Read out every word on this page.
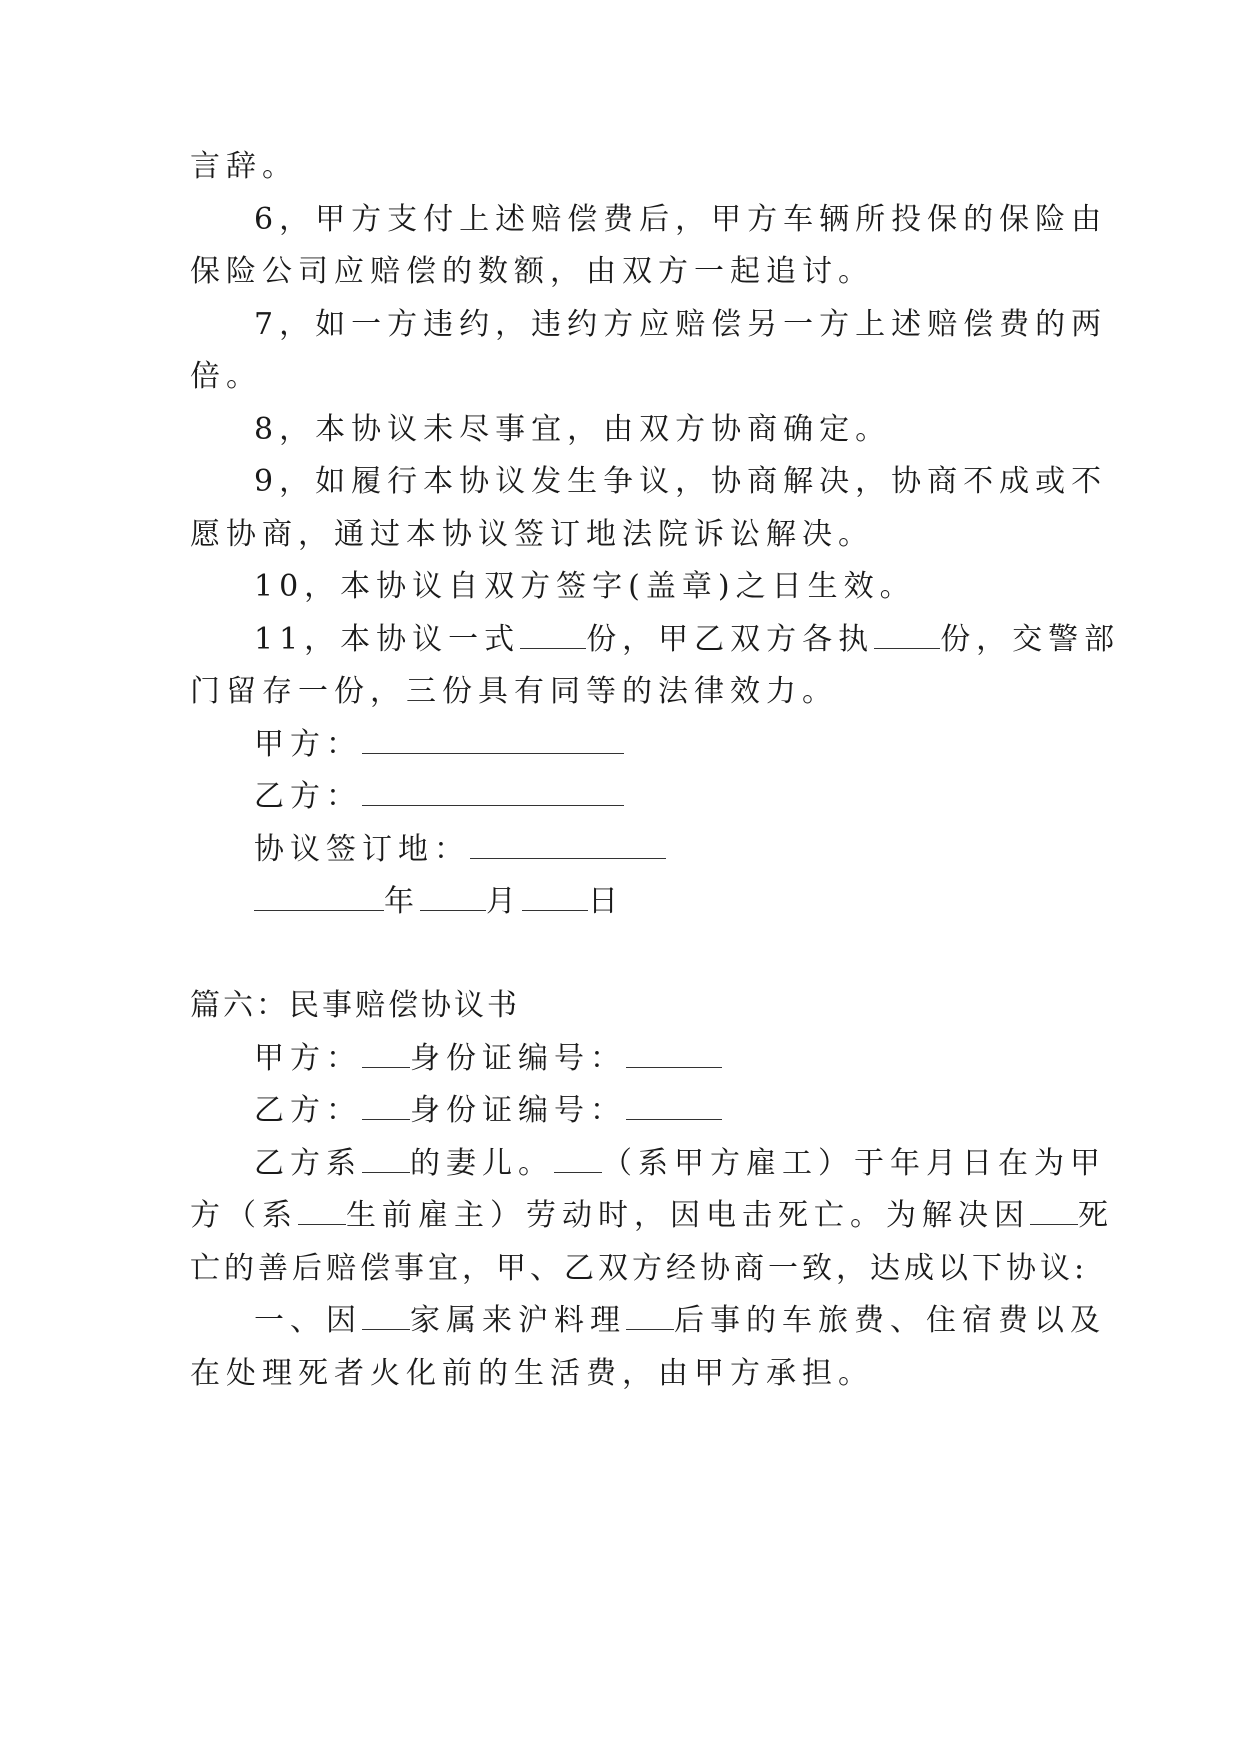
言辞。
6，甲方支付上述赔偿费后，甲方车辆所投保的保险由
保险公司应赔偿的数额，由双方一起追讨。
7，如一方违约，违约方应赔偿另一方上述赔偿费的两
倍。
8，本协议未尽事宜，由双方协商确定。
9，如履行本协议发生争议，协商解决，协商不成或不
愿协商，通过本协议签订地法院诉讼解决。
10，本协议自双方签字(盖章)之日生效。
11，本协议一式 份，甲乙双方各执 份，交警部
门留存一份，三份具有同等的法律效力。
甲方：
乙方：
协议签订地：
年 月 日
篇六：民事赔偿协议书
甲方： 身份证编号：
乙方： 身份证编号：
乙方系 的妻儿。 （系甲方雇工）于年月日在为甲
方（系 生前雇主）劳动时，因电击死亡。为解决因 死
亡的善后赔偿事宜，甲、乙双方经协商一致，达成以下协议:
一、因 家属来沪料理 后事的车旅费、住宿费以及
在处理死者火化前的生活费，由甲方承担。
